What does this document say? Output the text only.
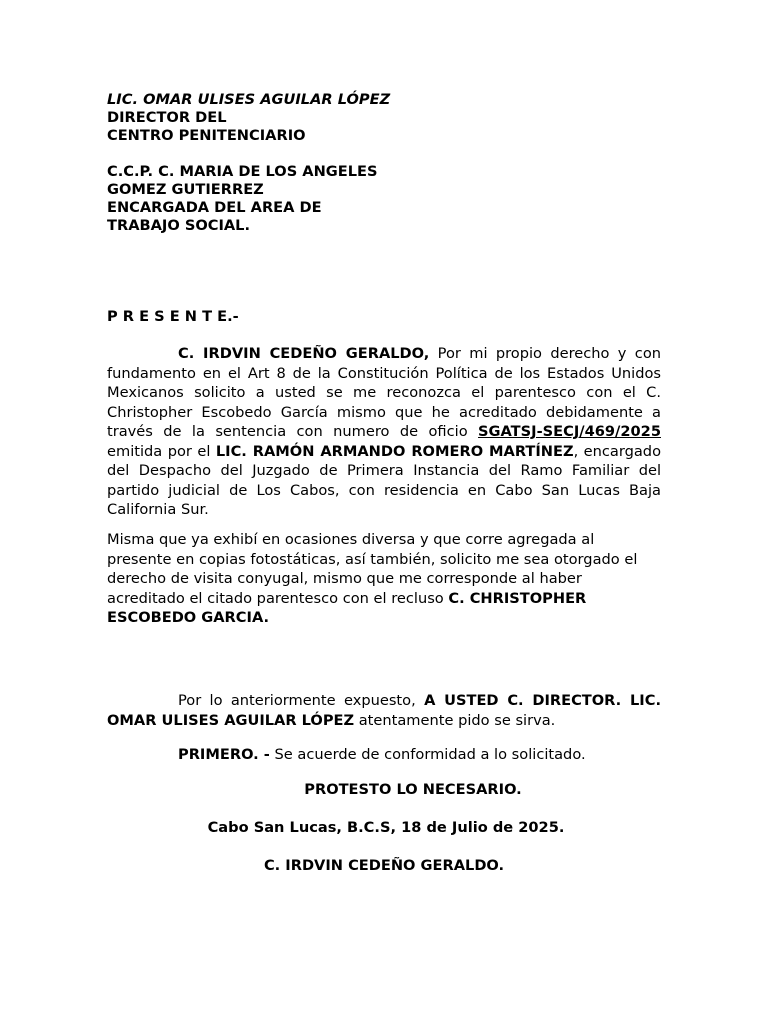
LIC. OMAR ULISES AGUILAR LÓPEZ
DIRECTOR DEL
CENTRO PENITENCIARIO
C.C.P. C. MARIA DE LOS ANGELES
GOMEZ GUTIERREZ
ENCARGADA DEL AREA DE
TRABAJO SOCIAL.
P R E S E N T E.-
C. IRDVIN CEDEÑO GERALDO, Por mi propio derecho y con fundamento en el Art 8 de la Constitución Política de los Estados Unidos Mexicanos solicito a usted se me reconozca el parentesco con el C. Christopher Escobedo García mismo que he acreditado debidamente a través de la sentencia con numero de oficio SGATSJ-SECJ/469/2025 emitida por el LIC. RAMÓN ARMANDO ROMERO MARTÍNEZ, encargado del Despacho del Juzgado de Primera Instancia del Ramo Familiar del partido judicial de Los Cabos, con residencia en Cabo San Lucas Baja California Sur.
Misma que ya exhibí en ocasiones diversa y que corre agregada al presente en copias fotostáticas, así también, solicito me sea otorgado el derecho de visita conyugal, mismo que me corresponde al haber acreditado el citado parentesco con el recluso C. CHRISTOPHER ESCOBEDO GARCIA.
Por lo anteriormente expuesto, A USTED C. DIRECTOR. LIC. OMAR ULISES AGUILAR LÓPEZ atentamente pido se sirva.
PRIMERO. - Se acuerde de conformidad a lo solicitado.
PROTESTO LO NECESARIO.
Cabo San Lucas, B.C.S, 18 de Julio de 2025.
C. IRDVIN CEDEÑO GERALDO.
